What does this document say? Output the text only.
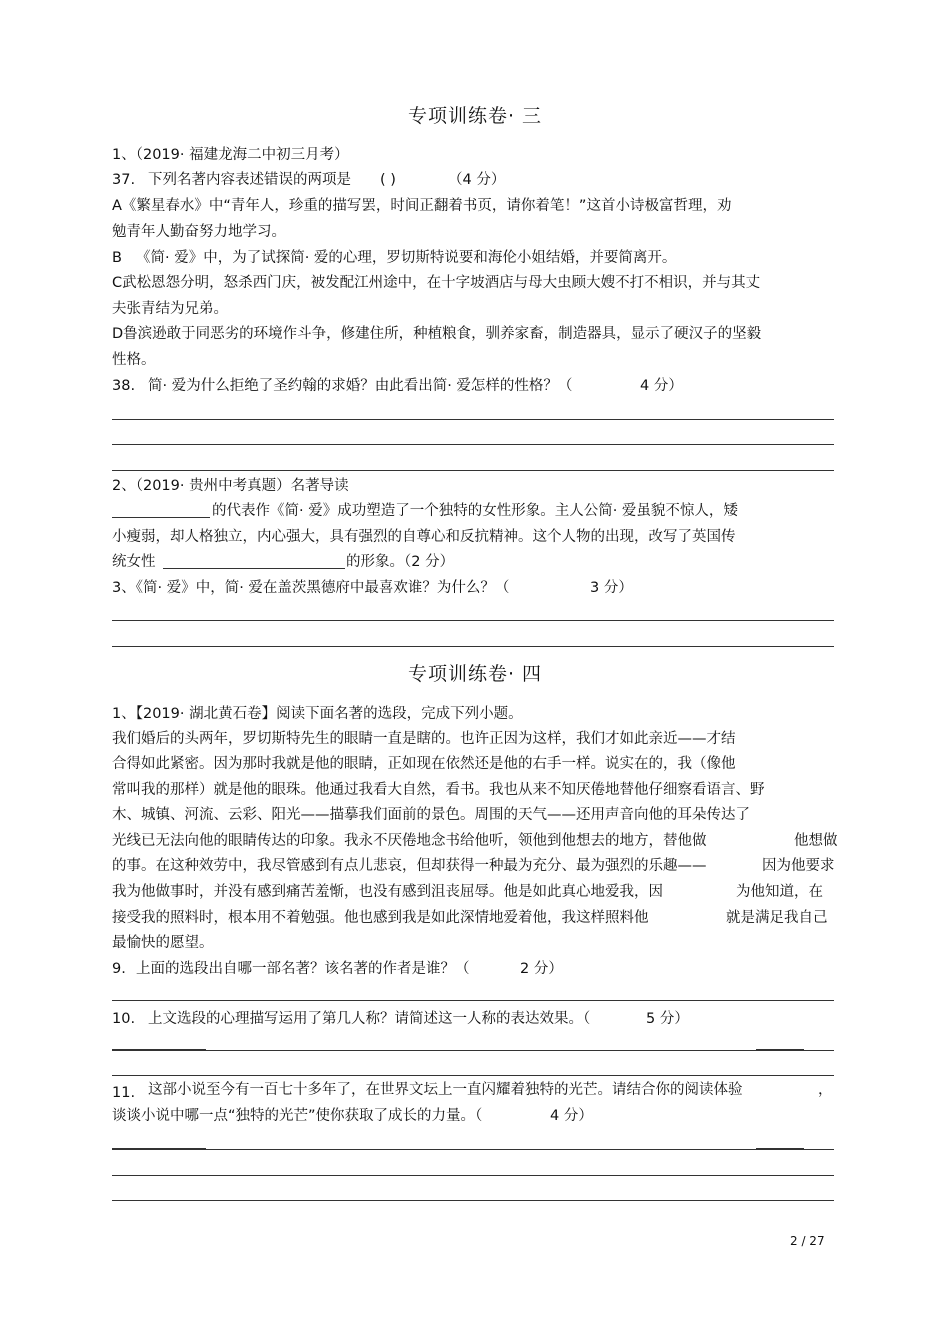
专项训练卷· 三
1、（2019· 福建龙海二中初三月考）
37. 下列名著内容表述错误的两项是 ( )	（4 分）
A《繁星春水》中“青年人，珍重的描写罢，时间正翻着书页，请你着笔！”这首小诗极富哲理，劝
勉青年人勤奋努力地学习。
B 《简· 爱》中，为了试探简· 爱的心理，罗切斯特说要和海伦小姐结婚，并要简离开。
C武松恩怨分明，怒杀西门庆，被发配江州途中，在十字坡酒店与母大虫顾大嫂不打不相识，并与其丈
夫张青结为兄弟。
D鲁滨逊敢于同恶劣的环境作斗争，修建住所，种植粮食，驯养家畜，制造器具，显示了硬汉子的坚毅
性格。
38. 简· 爱为什么拒绝了圣约翰的求婚？由此看出简· 爱怎样的性格？（	4 分）
2、（2019· 贵州中考真题）名著导读
的代表作《简· 爱》成功塑造了一个独特的女性形象。主人公简· 爱虽貌不惊人，矮
小瘦弱，却人格独立，内心强大，具有强烈的自尊心和反抗精神。这个人物的出现，改写了英国传
统女性	的形象。（2 分）
3、《简· 爱》中，简· 爱在盖茨黑德府中最喜欢谁？为什么？（	3 分）
专项训练卷· 四
1、【2019· 湖北黄石卷】阅读下面名著的选段，完成下列小题。
我们婚后的头两年，罗切斯特先生的眼睛一直是瞎的。也许正因为这样，我们才如此亲近——才结
合得如此紧密。因为那时我就是他的眼睛，正如现在依然还是他的右手一样。说实在的，我（像他
常叫我的那样）就是他的眼珠。他通过我看大自然，看书。我也从来不知厌倦地替他仔细察看语言、野
木、城镇、河流、云彩、阳光——描摹我们面前的景色。周围的天气——还用声音向他的耳朵传达了
光线已无法向他的眼睛传达的印象。我永不厌倦地念书给他听，领他到他想去的地方，替他做	他想做
的事。在这种效劳中，我尽管感到有点儿悲哀，但却获得一种最为充分、最为强烈的乐趣——	因为他要求
我为他做事时，并没有感到痛苦羞惭，也没有感到沮丧屈辱。他是如此真心地爱我，因	为他知道，在
接受我的照料时，根本用不着勉强。他也感到我是如此深情地爱着他，我这样照料他	就是满足我自己
最愉快的愿望。
9. 上面的选段出自哪一部名著？该名著的作者是谁？（	2 分）
10. 上文选段的心理描写运用了第几人称？请简述这一人称的表达效果。（	5 分）
11. 这部小说至今有一百七十多年了，在世界文坛上一直闪耀着独特的光芒。请结合你的阅读体验	，
谈谈小说中哪一点“独特的光芒”使你获取了成长的力量。（	4 分）
2 / 27
